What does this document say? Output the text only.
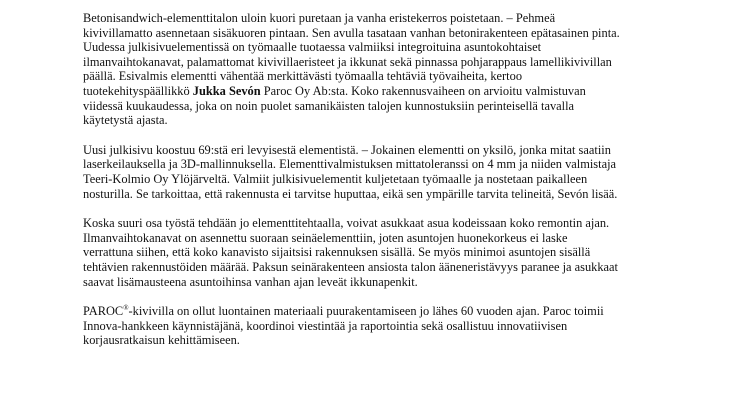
Betonisandwich-elementtitalon uloin kuori puretaan ja vanha eristekerros poistetaan. – Pehmeä
kivivillamatto asennetaan sisäkuoren pintaan. Sen avulla tasataan vanhan betonirakenteen epätasainen pinta.
Uudessa julkisivuelementissä on työmaalle tuotaessa valmiiksi integroituina asuntokohtaiset
ilmanvaihtokanavat, palamattomat kivivillaeristeet ja ikkunat sekä pinnassa pohjarappaus lamellikivivillan
päällä. Esivalmis elementti vähentää merkittävästi työmaalla tehtäviä työvaiheita, kertoo
tuotekehityspäällikkö Jukka Sevón Paroc Oy Ab:sta. Koko rakennusvaiheen on arvioitu valmistuvan
viidessä kuukaudessa, joka on noin puolet samanikäisten talojen kunnostuksiin perinteisellä tavalla
käytetystä ajasta.

Uusi julkisivu koostuu 69:stä eri levyisestä elementistä. – Jokainen elementti on yksilö, jonka mitat saatiin
laserkeilauksella ja 3D-mallinnuksella. Elementtivalmistuksen mittatoleranssi on 4 mm ja niiden valmistaja
Teeri-Kolmio Oy Ylöjärveltä. Valmiit julkisivuelementit kuljetetaan työmaalle ja nostetaan paikalleen
nosturilla. Se tarkoittaa, että rakennusta ei tarvitse huputtaa, eikä sen ympärille tarvita telineitä, Sevón lisää.

Koska suuri osa työstä tehdään jo elementtitehtaalla, voivat asukkaat asua kodeissaan koko remontin ajan.
Ilmanvaihtokanavat on asennettu suoraan seinäelementtiin, joten asuntojen huonekorkeus ei laske
verrattuna siihen, että koko kanavisto sijaitsisi rakennuksen sisällä. Se myös minimoi asuntojen sisällä
tehtävien rakennustöiden määrää. Paksun seinärakenteen ansiosta talon ääneneristävyys paranee ja asukkaat
saavat lisämausteena asuntoihinsa vanhan ajan leveät ikkunapenkit.

PAROC®-kivivilla on ollut luontainen materiaali puurakentamiseen jo lähes 60 vuoden ajan. Paroc toimii
Innova-hankkeen käynnistäjänä, koordinoi viestintää ja raportointia sekä osallistuu innovatiivisen
korjausratkaisun kehittämiseen.
